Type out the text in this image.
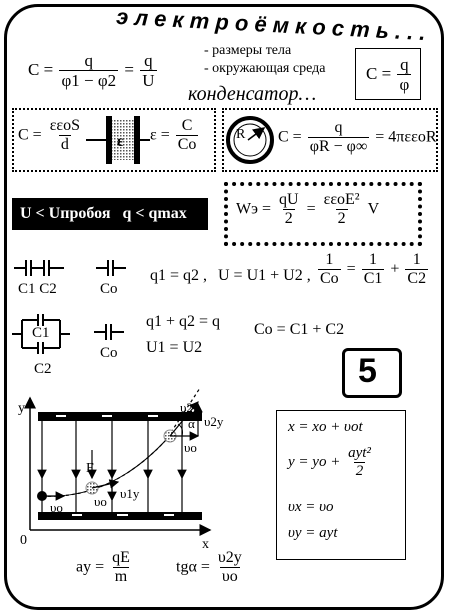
э л е к т р о ё м к о с т ь . . .
$C = \frac{q}{\varphi 1 - \varphi 2} = \frac{q}{U}$
- размеры тела
- окружающая среда $C = \frac{q}{\varphi}$
конденсатор…
$C = \frac{\text{εεoS}}{d}$	$\varepsilon = \frac{C}{Co}$	$C = \frac{q}{\varphi R - \varphi\infty} = 4\pi\varepsilon\varepsilon oR$
U < Uпробоя   q < qmax	Wэ = $\frac{qU}{2} = \frac{\text{εεoE²}}{2}$ V
C1 C2	Co
q1 = q2 , U = U1 + U2 , $\frac{1}{Co} = \frac{1}{C1} + \frac{1}{C2}$
C1
C2
Co
q1 + q2 = q
U1 = U2
Co = C1 + C2
5
x = xo + υot
y = yo + $\frac{\text{ayt²}}{2}$
υx = υo
υy = ayt
ay = $\frac{qE}{m}$	$tg\alpha = \frac{\upsilon 2y}{\upsilon o}$
ε	R
E
y
x
0
υo υo
υ1y
υ2
υ2y
α
υo
